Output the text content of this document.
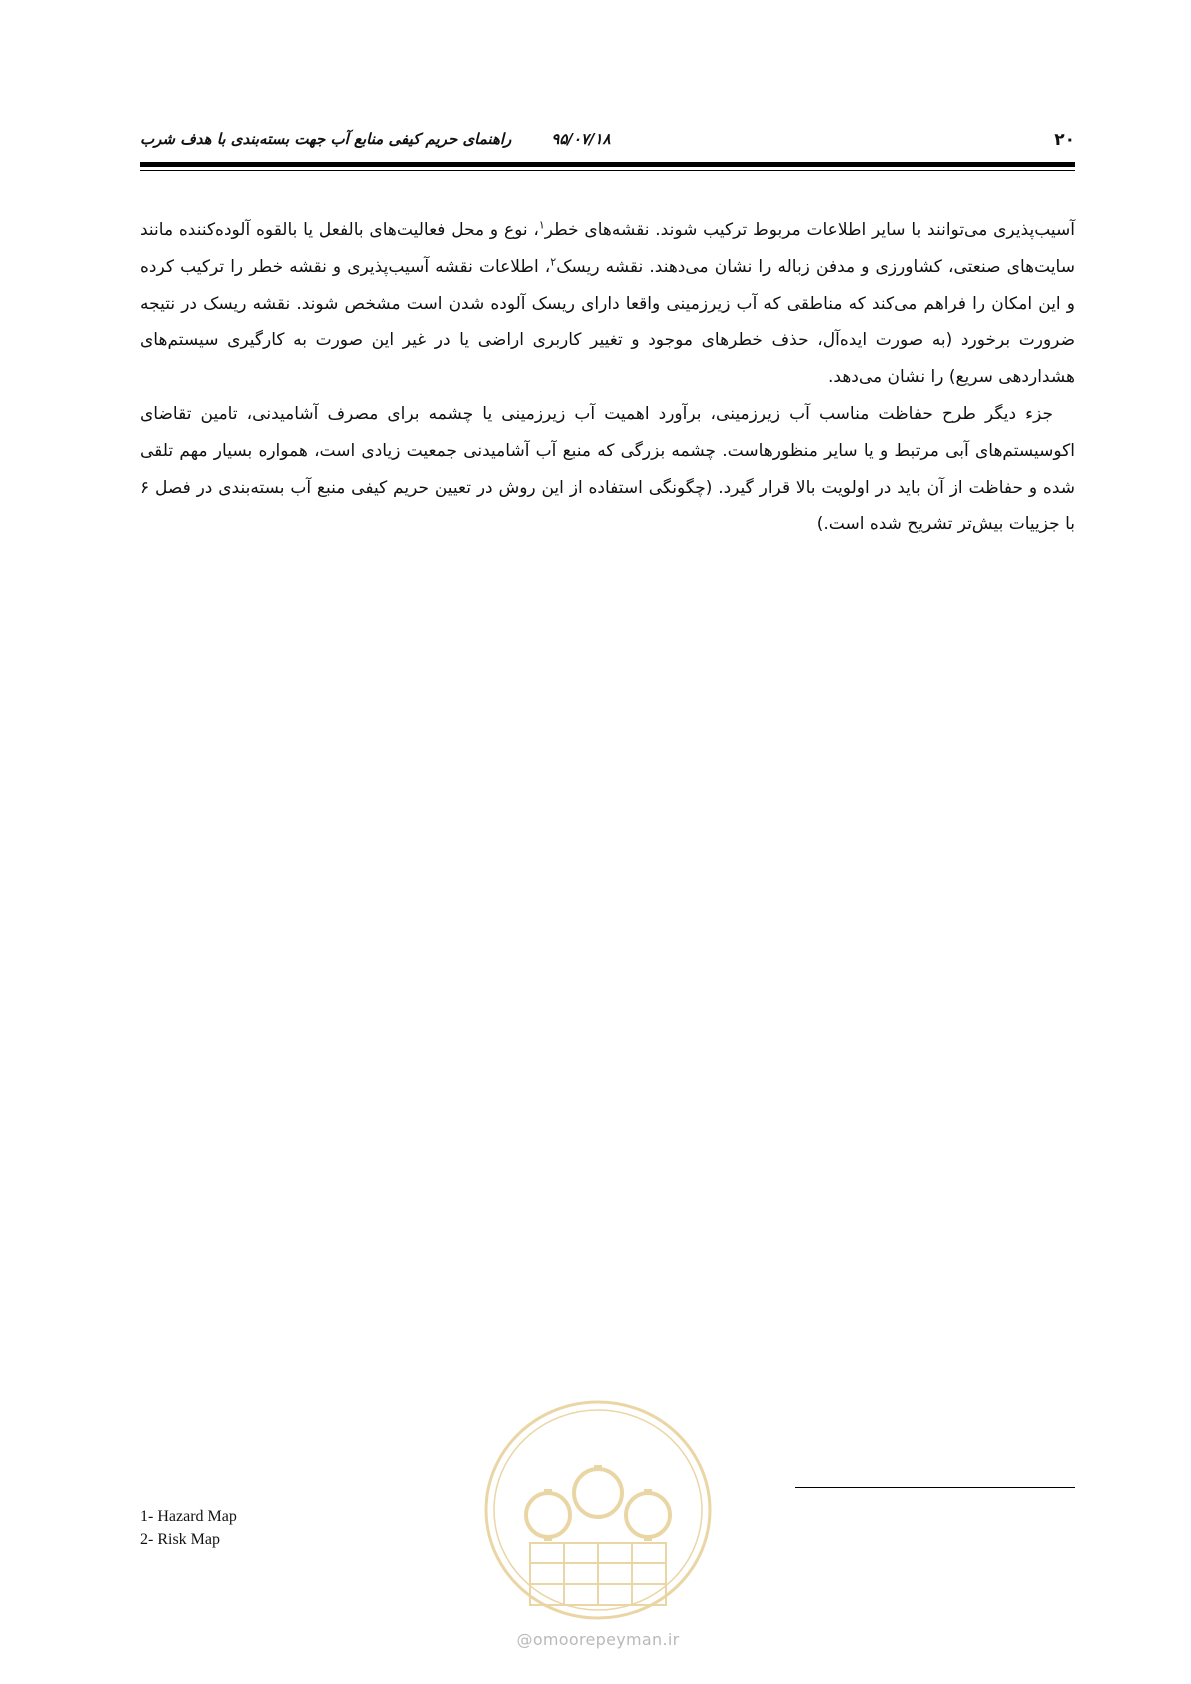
۹۵/۰۷/۱۸راهنمای حریم کیفی منابع آب جهت بسته‌بندی با هدف شرب	۲۰

آسیب‌پذیری می‌توانند با سایر اطلاعات مربوط ترکیب شوند. نقشه‌های خطر$^۱$، نوع و محل فعالیت‌های بالفعل یا بالقوه آلوده‌کننده مانند سایت‌های صنعتی، کشاورزی و مدفن زباله را نشان می‌دهند. نقشه ریسک$^۲$، اطلاعات نقشه آسیب‌پذیری و نقشه خطر را ترکیب کرده و این امکان را فراهم می‌کند که مناطقی که آب زیرزمینی واقعا دارای ریسک آلوده شدن است مشخص شوند. نقشه ریسک در نتیجه ضرورت برخورد (به صورت ایده‌آل، حذف خطرهای موجود و تغییر کاربری اراضی یا در غیر این صورت به کارگیری سیستم‌های هشداردهی سریع) را نشان می‌دهد.

جزء دیگر طرح حفاظت مناسب آب زیرزمینی، برآورد اهمیت آب زیرزمینی یا چشمه برای مصرف آشامیدنی، تامین تقاضای اکوسیستم‌های آبی مرتبط و یا سایر منظورهاست. چشمه بزرگی که منبع آب آشامیدنی جمعیت زیادی است، همواره بسیار مهم تلقی شده و حفاظت از آن باید در اولویت بالا قرار گیرد. (چگونگی استفاده از این روش در تعیین حریم کیفی منبع آب بسته‌بندی در فصل ۶ با جزییات بیش‌تر تشریح شده است.)

@omoorepeyman.ir
1- Hazard Map
2- Risk Map
